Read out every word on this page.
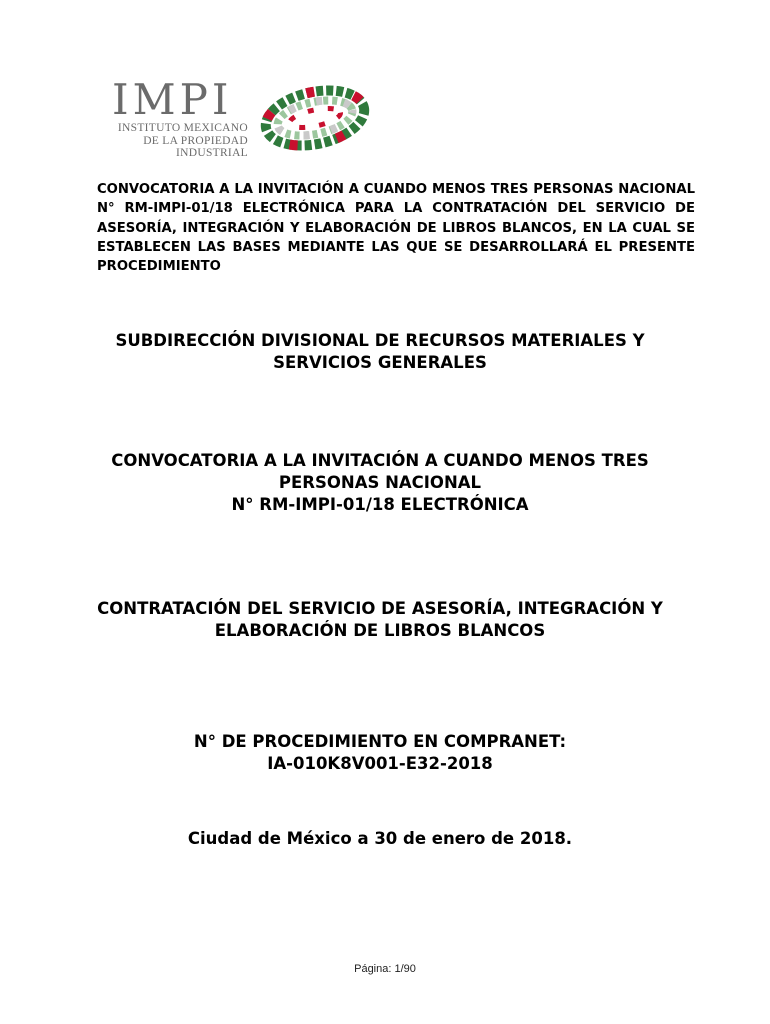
IMPI
INSTITUTO MEXICANO
DE LA PROPIEDAD
INDUSTRIAL

CONVOCATORIA A LA INVITACIÓN A CUANDO MENOS TRES PERSONAS NACIONAL N° RM-IMPI-01/18 ELECTRÓNICA PARA LA CONTRATACIÓN DEL SERVICIO DE ASESORÍA, INTEGRACIÓN Y ELABORACIÓN DE LIBROS BLANCOS, EN LA CUAL SE ESTABLECEN LAS BASES MEDIANTE LAS QUE SE DESARROLLARÁ EL PRESENTE PROCEDIMIENTO

SUBDIRECCIÓN DIVISIONAL DE RECURSOS MATERIALES Y
SERVICIOS GENERALES
CONVOCATORIA A LA INVITACIÓN A CUANDO MENOS TRES
PERSONAS NACIONAL
N° RM-IMPI-01/18 ELECTRÓNICA
CONTRATACIÓN DEL SERVICIO DE ASESORÍA, INTEGRACIÓN Y
ELABORACIÓN DE LIBROS BLANCOS
N° DE PROCEDIMIENTO EN COMPRANET:
IA-010K8V001-E32-2018
Ciudad de México a 30 de enero de 2018.
Página: 1/90
